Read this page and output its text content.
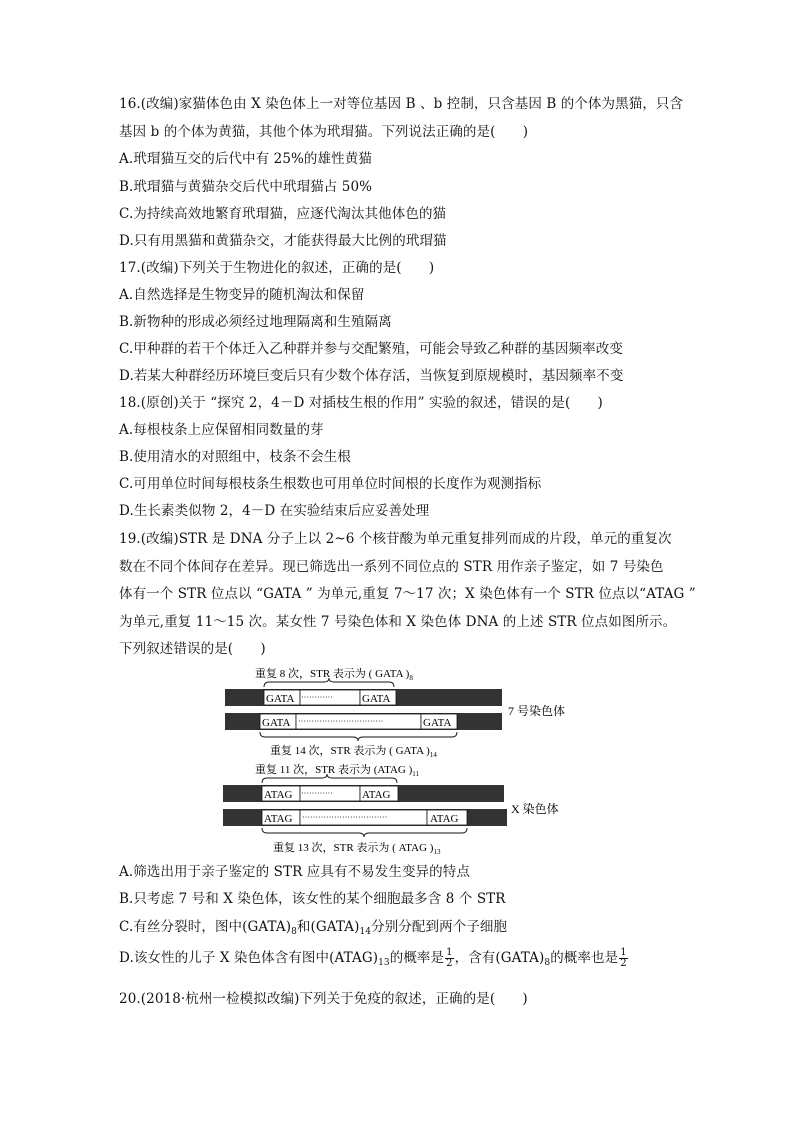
16.(改编)家猫体色由 X 染色体上一对等位基因 B 、b 控制，只含基因 B 的个体为黑猫，只含
基因 b 的个体为黄猫，其他个体为玳瑁猫。下列说法正确的是(　　)
A.玳瑁猫互交的后代中有 25%的雄性黄猫
B.玳瑁猫与黄猫杂交后代中玳瑁猫占 50%
C.为持续高效地繁育玳瑁猫，应逐代淘汰其他体色的猫
D.只有用黑猫和黄猫杂交，才能获得最大比例的玳瑁猫
17.(改编)下列关于生物进化的叙述，正确的是(　　)
A.自然选择是生物变异的随机淘汰和保留
B.新物种的形成必须经过地理隔离和生殖隔离
C.甲种群的若干个体迁入乙种群并参与交配繁殖，可能会导致乙种群的基因频率改变
D.若某大种群经历环境巨变后只有少数个体存活，当恢复到原规模时，基因频率不变
18.(原创)关于 “探究 2，4－D 对插枝生根的作用” 实验的叙述，错误的是(　　)
A.每根枝条上应保留相同数量的芽
B.使用清水的对照组中，枝条不会生根
C.可用单位时间每根枝条生根数也可用单位时间根的长度作为观测指标
D.生长素类似物 2，4－D 在实验结束后应妥善处理
19.(改编)STR 是 DNA 分子上以 2~6 个核苷酸为单元重复排列而成的片段，单元的重复次
数在不同个体间存在差异。现已筛选出一系列不同位点的 STR 用作亲子鉴定，如 7 号染色
体有一个 STR 位点以 “GATA ” 为单元,重复 7～17 次；X 染色体有一个 STR 位点以“ATAG ”
为单元,重复 11～15 次。某女性 7 号染色体和 X 染色体 DNA 的上述 STR 位点如图所示。
下列叙述错误的是(　　)
重复 8 次，STR 表示为 ( GATA )$_8$
GATA ············	GATA
GATA ································	GATA
7 号染色体
重复 14 次，STR 表示为 ( GATA )$_{14}$
重复 11 次，STR 表示为 (ATAG )$_{11}$
ATAG ············	ATAG
ATAG ································	ATAG
X 染色体
重复 13 次，STR 表示为 ( ATAG )$_{13}$
A.筛选出用于亲子鉴定的 STR 应具有不易发生变异的特点
B.只考虑 7 号和 X 染色体，该女性的某个细胞最多含 8 个 STR
C.有丝分裂时，图中$(GATA)_8$和$(GATA)_{14}$分别分配到两个子细胞
D.该女性的儿子 X 染色体含有图中$(ATAG)_{13}$的概率是 $\frac{1}{2}$ ，含有$(GATA)_8$的概率也是 $\frac{1}{2}$
20.(2018·杭州一检模拟改编)下列关于免疫的叙述，正确的是(　　)
